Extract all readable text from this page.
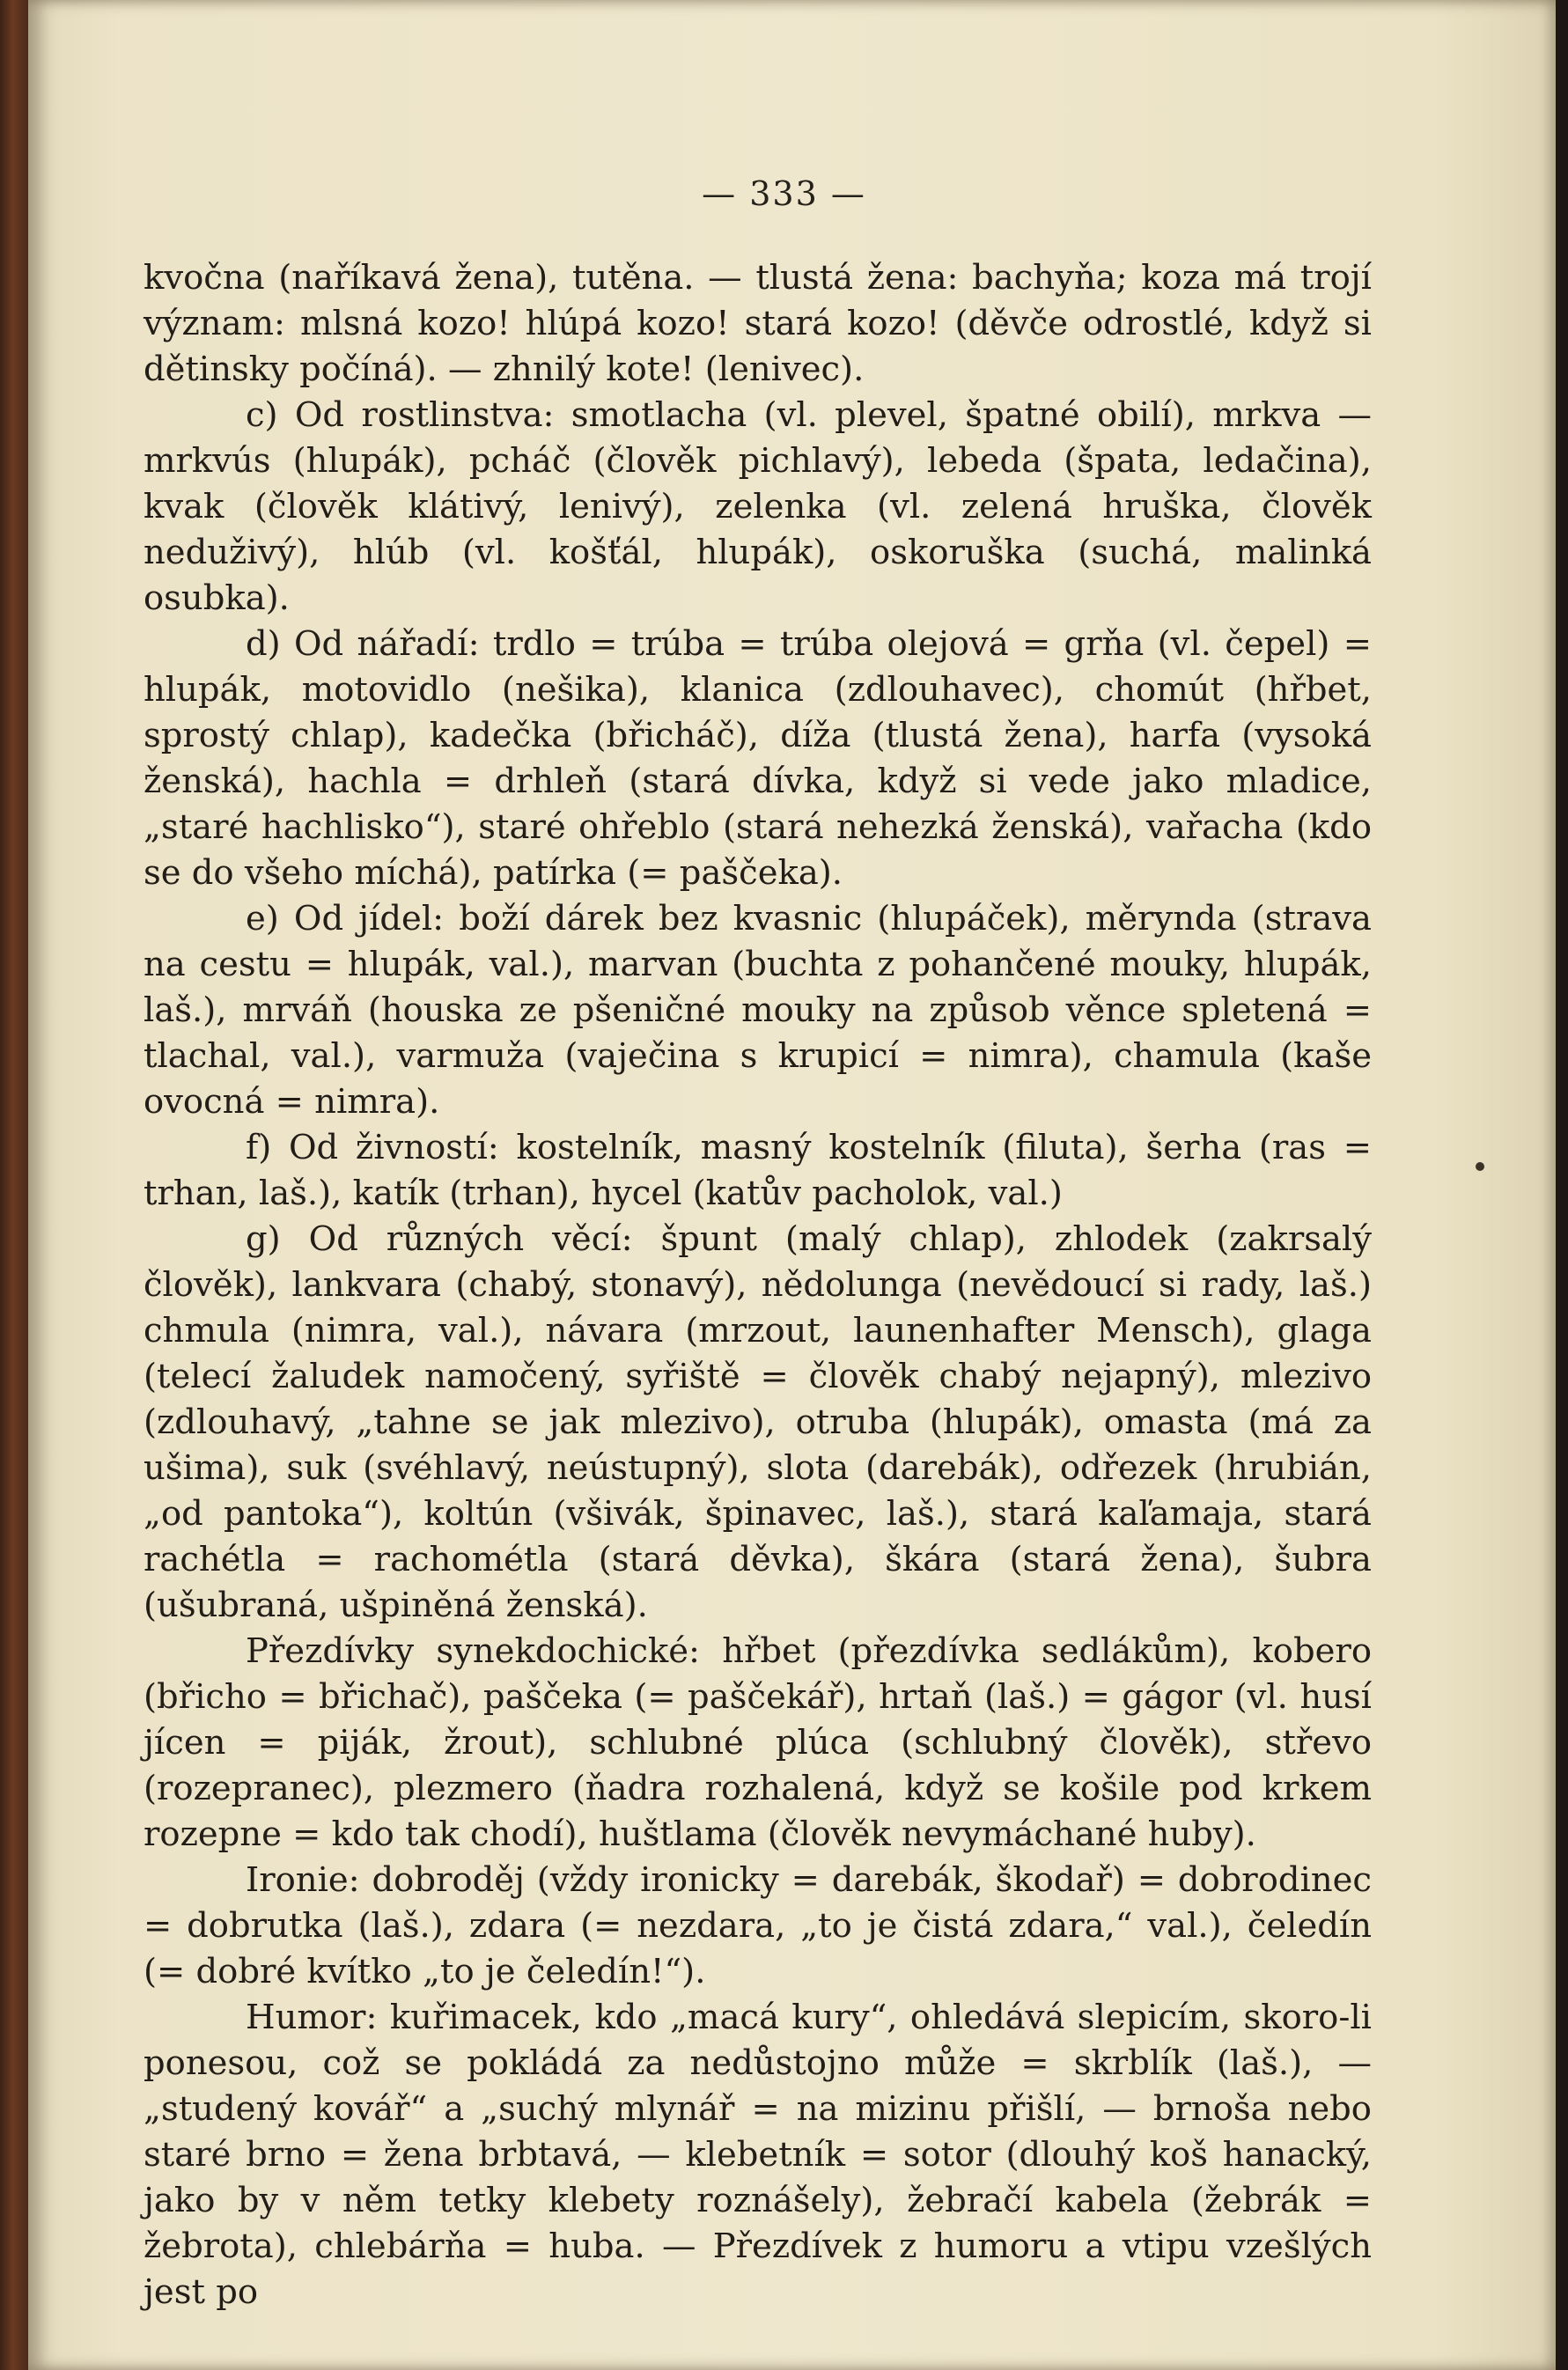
— 333 —

kvočna (naříkavá žena), tutěna. — tlustá žena: bachyňa; koza má trojí význam: mlsná kozo! hlúpá kozo! stará kozo! (děvče odrostlé, když si dětinsky počíná). — zhnilý kote! (lenivec).

c) Od rostlinstva: smotlacha (vl. plevel, špatné obilí), mrkva — mrkvús (hlupák), pcháč (člověk pichlavý), lebeda (špata, ledačina), kvak (člověk klátivý, lenivý), zelenka (vl. zelená hruška, člověk neduživý), hlúb (vl. košťál, hlupák), oskoruška (suchá, malinká osubka).

d) Od nářadí: trdlo = trúba = trúba olejová = grňa (vl. čepel) = hlupák, motovidlo (nešika), klanica (zdlouhavec), chomút (hřbet, sprostý chlap), kadečka (břicháč), díža (tlustá žena), harfa (vysoká ženská), hachla = drhleň (stará dívka, když si vede jako mladice, „staré hachlisko“), staré ohřeblo (stará nehezká ženská), vařacha (kdo se do všeho míchá), patírka (= paščeka).

e) Od jídel: boží dárek bez kvasnic (hlupáček), měrynda (strava na cestu = hlupák, val.), marvan (buchta z pohančené mouky, hlupák, laš.), mrváň (houska ze pšeničné mouky na způsob věnce spletená = tlachal, val.), varmuža (vaječina s krupicí = nimra), chamula (kaše ovocná = nimra).

f) Od živností: kostelník, masný kostelník (filuta), šerha (ras = trhan, laš.), katík (trhan), hycel (katův pacholok, val.)

g) Od různých věcí: špunt (malý chlap), zhlodek (zakrsalý člověk), lankvara (chabý, stonavý), nědolunga (nevědoucí si rady, laš.) chmula (nimra, val.), návara (mrzout, launenhafter Mensch), glaga (telecí žaludek namočený, syřiště = člověk chabý nejapný), mlezivo (zdlouhavý, „tahne se jak mlezivo), otruba (hlupák), omasta (má za ušima), suk (svéhlavý, neústupný), slota (darebák), odřezek (hrubián, „od pantoka“), koltún (všivák, špinavec, laš.), stará kaľamaja, stará rachétla = rachométla (stará děvka), škára (stará žena), šubra (ušubraná, ušpiněná ženská).

Přezdívky synekdochické: hřbet (přezdívka sedlákům), kobero (břicho = břichač), paščeka (= paščekář), hrtaň (laš.) = gágor (vl. husí jícen = piják, žrout), schlubné plúca (schlubný člověk), střevo (rozepranec), plezmero (ňadra rozhalená, když se košile pod krkem rozepne = kdo tak chodí), huštlama (člověk nevymáchané huby).

Ironie: dobroděj (vždy ironicky = darebák, škodař) = dobrodinec = dobrutka (laš.), zdara (= nezdara, „to je čistá zdara,“ val.), čeledín (= dobré kvítko „to je čeledín!“).

Humor: kuřimacek, kdo „macá kury“, ohledává slepicím, skoro-li ponesou, což se pokládá za nedůstojno může = skrblík (laš.), — „studený kovář“ a „suchý mlynář = na mizinu přišlí, — brnoša nebo staré brno = žena brbtavá, — klebetník = sotor (dlouhý koš hanacký, jako by v něm tetky klebety roznášely), žebračí kabela (žebrák = žebrota), chlebárňa = huba. — Přezdívek z humoru a vtipu vzešlých jest po
